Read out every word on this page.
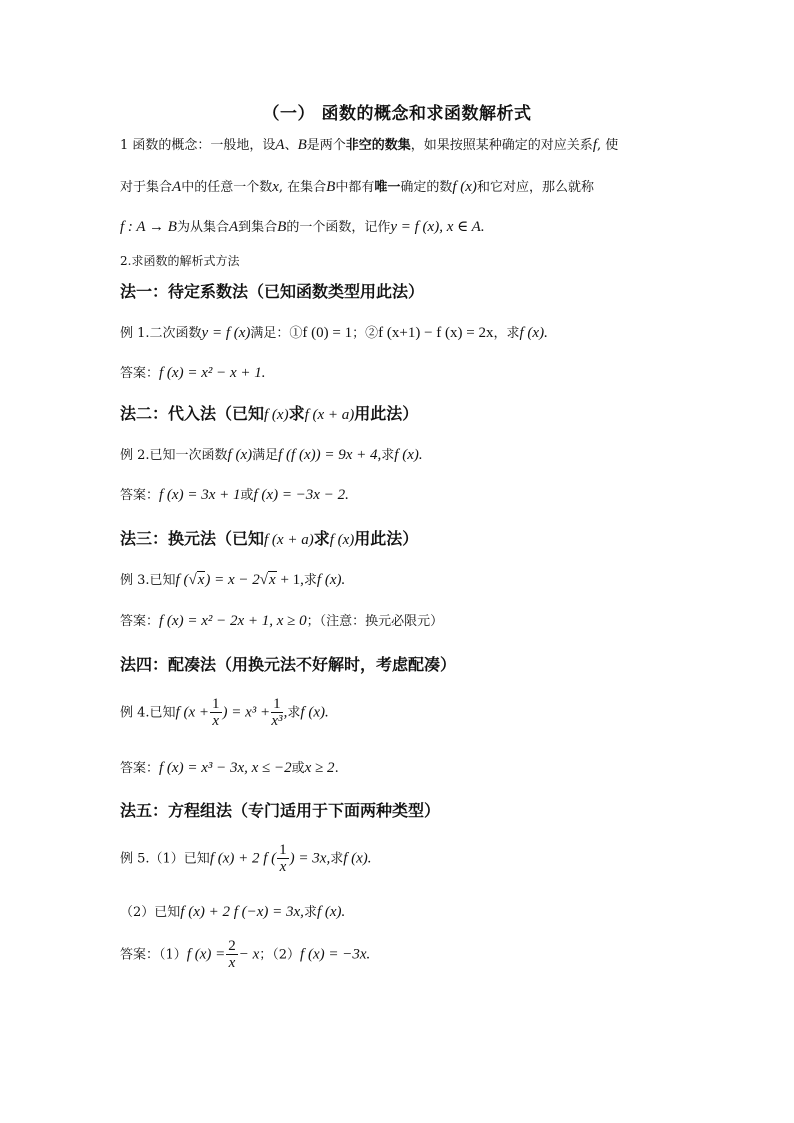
（一） 函数的概念和求函数解析式
1 函数的概念：一般地，设A、B是两个非空的数集，如果按照某种确定的对应关系f, 使
对于集合A中的任意一个数x, 在集合B中都有唯一确定的数f (x)和它对应，那么就称
f : A → B为从集合A到集合B的一个函数，记作y = f (x), x ∈ A.
2.求函数的解析式方法
法一：待定系数法（已知函数类型用此法）
例 1.二次函数y = f (x)满足：①f (0) = 1；②f (x+1) − f (x) = 2x，求f (x).
答案：f (x) = x² − x + 1.
法二：代入法（已知f (x)求f (x + a)用此法）
例 2.已知一次函数f (x)满足f (f (x)) = 9x + 4,求f (x).
答案：f (x) = 3x + 1或f (x) = −3x − 2.
法三：换元法（已知f (x + a)求f (x)用此法）
例 3.已知f (√x) = x − 2√x + 1,求f (x).
答案：f (x) = x² − 2x + 1, x ≥ 0；（注意：换元必限元）
法四：配凑法（用换元法不好解时，考虑配凑）
例 4.已知f ($x + \frac{1}{x}$ ) = $x^3 + \frac{1}{\text{x³}}$ ,求f (x).
答案：f (x) = x³ − 3x, x ≤ −2或x ≥ 2.
法五：方程组法（专门适用于下面两种类型）
例 5.（1）已知f (x) + 2 f ( $\frac{1}{x}$ ) = 3x,求f (x).
（2）已知f (x) + 2 f (−x) = 3x,求f (x).
答案：（1）f $(x) = \frac{2}{x} - x$；（2）f (x) = −3x.
